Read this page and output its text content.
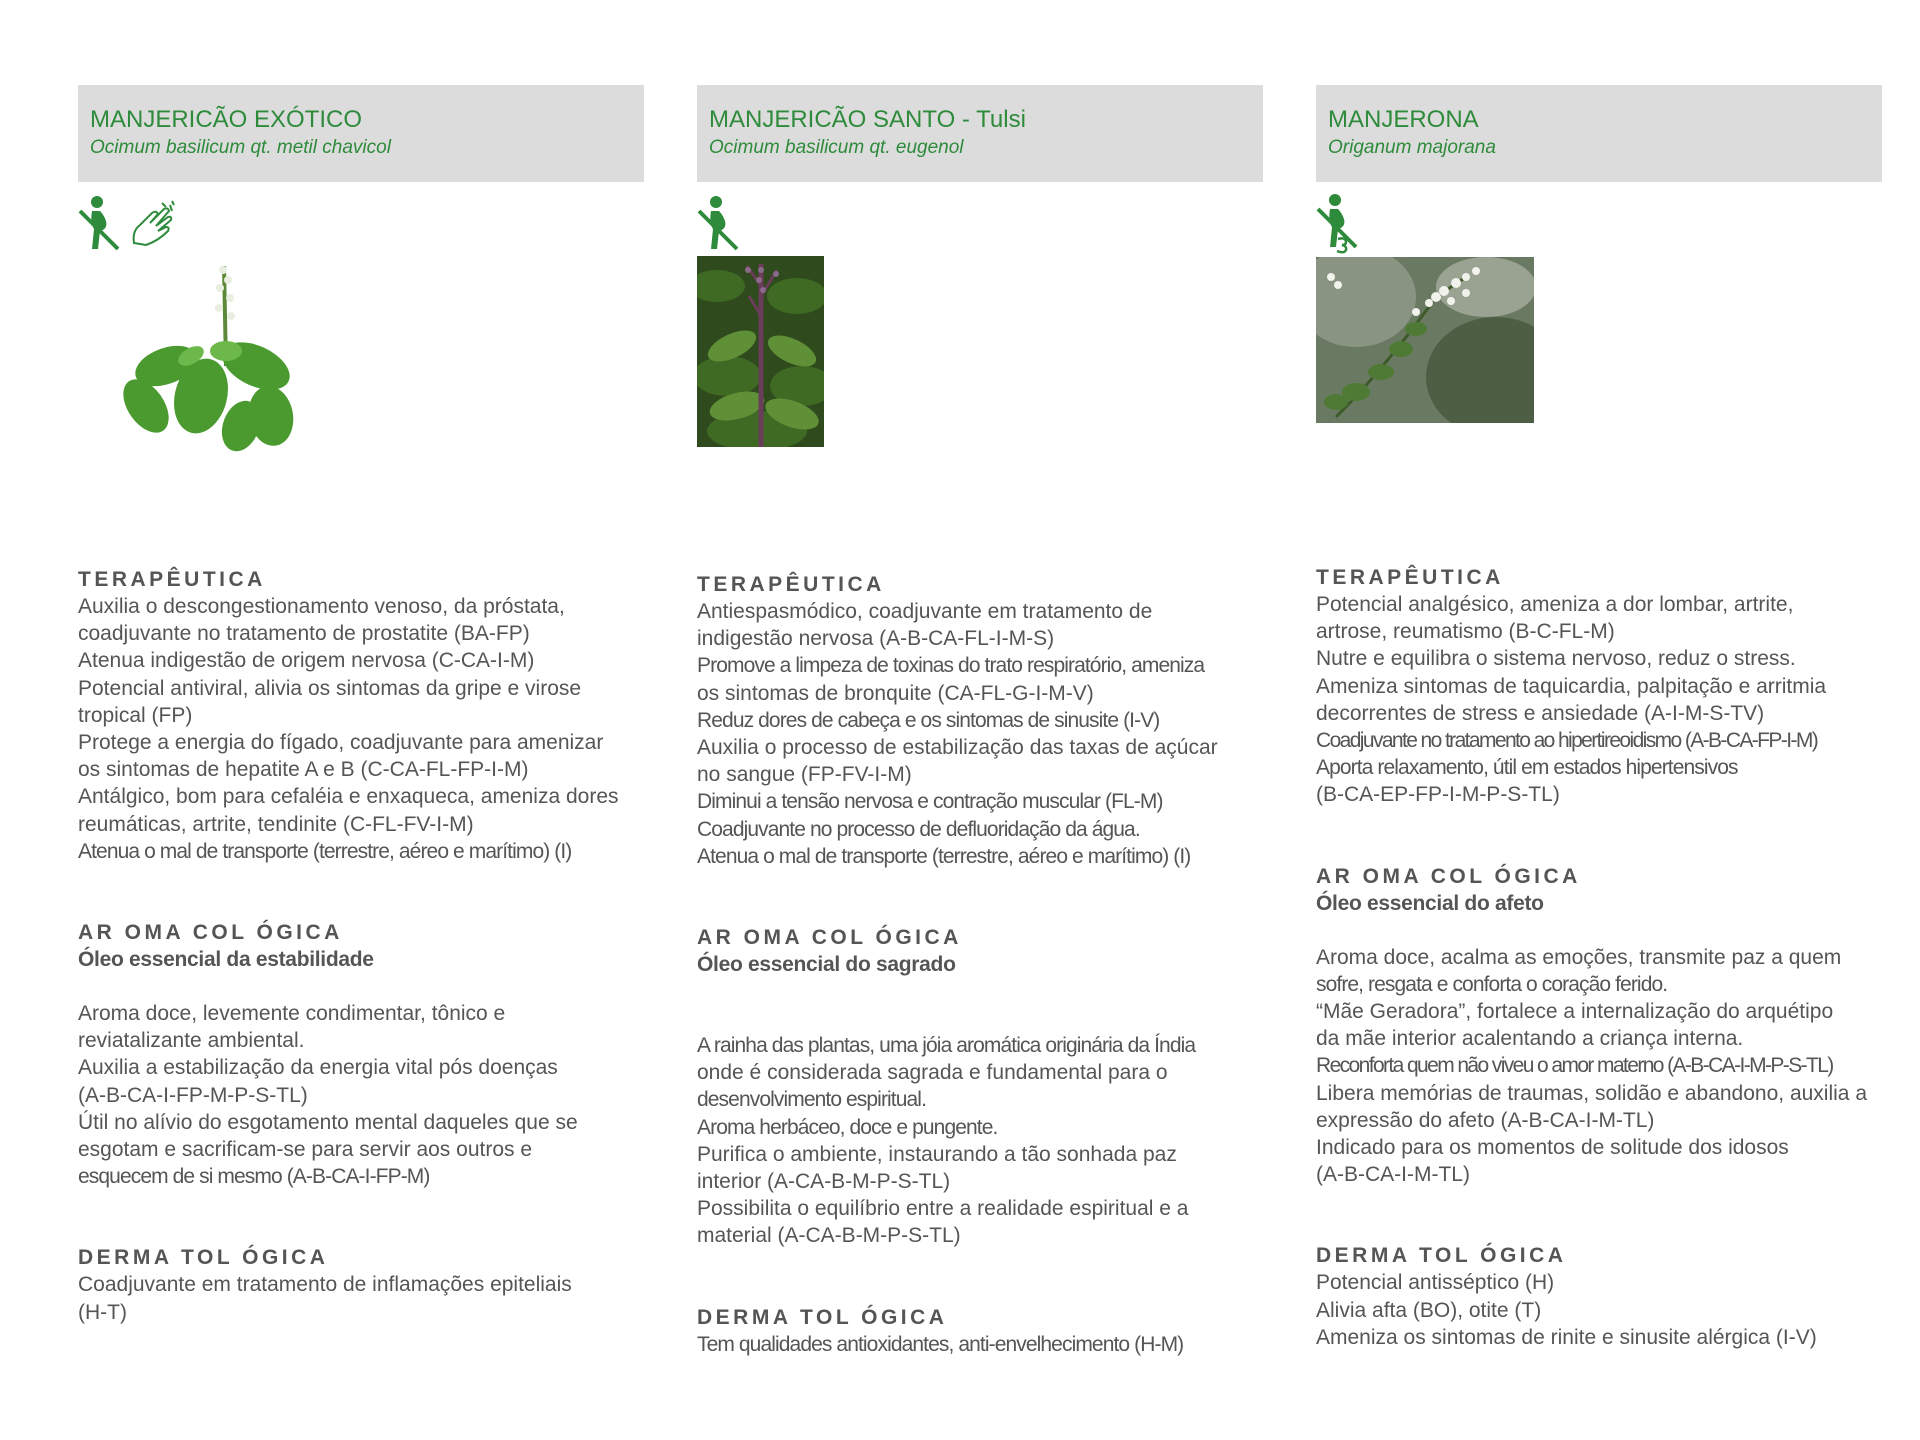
MANJERICÃO EXÓTICO
Ocimum basilicum qt. metil chavicol
TERAPÊUTICA
Auxilia o descongestionamento venoso, da próstata,
coadjuvante no tratamento de prostatite (BA-FP)
Atenua indigestão de origem nervosa (C-CA-I-M)
Potencial antiviral, alivia os sintomas da gripe e virose
tropical (FP)
Protege a energia do fígado, coadjuvante para amenizar
os sintomas de hepatite A e B (C-CA-FL-FP-I-M)
Antálgico, bom para cefaléia e enxaqueca, ameniza dores
reumáticas, artrite, tendinite (C-FL-FV-I-M)
Atenua o mal de transporte (terrestre, aéreo e marítimo) (I)
AR OMA COL ÓGICA
Óleo essencial da estabilidade
Aroma doce, levemente condimentar, tônico e
reviatalizante ambiental.
Auxilia a estabilização da energia vital pós doenças
(A-B-CA-I-FP-M-P-S-TL)
Útil no alívio do esgotamento mental daqueles que se
esgotam e sacrificam-se para servir aos outros e
esquecem de si mesmo (A-B-CA-I-FP-M)
DERMA TOL ÓGICA
Coadjuvante em tratamento de inflamações epiteliais
(H-T)
MANJERICÃO SANTO - Tulsi
Ocimum basilicum qt. eugenol
TERAPÊUTICA
Antiespasmódico, coadjuvante em tratamento de
indigestão nervosa (A-B-CA-FL-I-M-S)
Promove a limpeza de toxinas do trato respiratório, ameniza
os sintomas de bronquite (CA-FL-G-I-M-V)
Reduz dores de cabeça e os sintomas de sinusite (I-V)
Auxilia o processo de estabilização das taxas de açúcar
no sangue (FP-FV-I-M)
Diminui a tensão nervosa e contração muscular (FL-M)
Coadjuvante no processo de defluoridação da água.
Atenua o mal de transporte (terrestre, aéreo e marítimo) (I)
AR OMA COL ÓGICA
Óleo essencial do sagrado
A rainha das plantas, uma jóia aromática originária da Índia
onde é considerada sagrada e fundamental para o
desenvolvimento espiritual.
Aroma herbáceo, doce e pungente.
Purifica o ambiente, instaurando a tão sonhada paz
interior (A-CA-B-M-P-S-TL)
Possibilita o equilíbrio entre a realidade espiritual e a
material (A-CA-B-M-P-S-TL)
DERMA TOL ÓGICA
Tem qualidades antioxidantes, anti-envelhecimento (H-M)
MANJERONA
Origanum majorana
TERAPÊUTICA
Potencial analgésico, ameniza a dor lombar, artrite,
artrose, reumatismo (B-C-FL-M)
Nutre e equilibra o sistema nervoso, reduz o stress.
Ameniza sintomas de taquicardia, palpitação e arritmia
decorrentes de stress e ansiedade (A-I-M-S-TV)
Coadjuvante no tratamento ao hipertireoidismo (A-B-CA-FP-I-M)
Aporta relaxamento, útil em estados hipertensivos
(B-CA-EP-FP-I-M-P-S-TL)
AR OMA COL ÓGICA
Óleo essencial do afeto
Aroma doce, acalma as emoções, transmite paz a quem
sofre, resgata e conforta o coração ferido.
“Mãe Geradora”, fortalece a internalização do arquétipo
da mãe interior acalentando a criança interna.
Reconforta quem não viveu o amor materno (A-B-CA-I-M-P-S-TL)
Libera memórias de traumas, solidão e abandono, auxilia a
expressão do afeto (A-B-CA-I-M-TL)
Indicado para os momentos de solitude dos idosos
(A-B-CA-I-M-TL)
DERMA TOL ÓGICA
Potencial antisséptico (H)
Alivia afta (BO), otite (T)
Ameniza os sintomas de rinite e sinusite alérgica (I-V)
